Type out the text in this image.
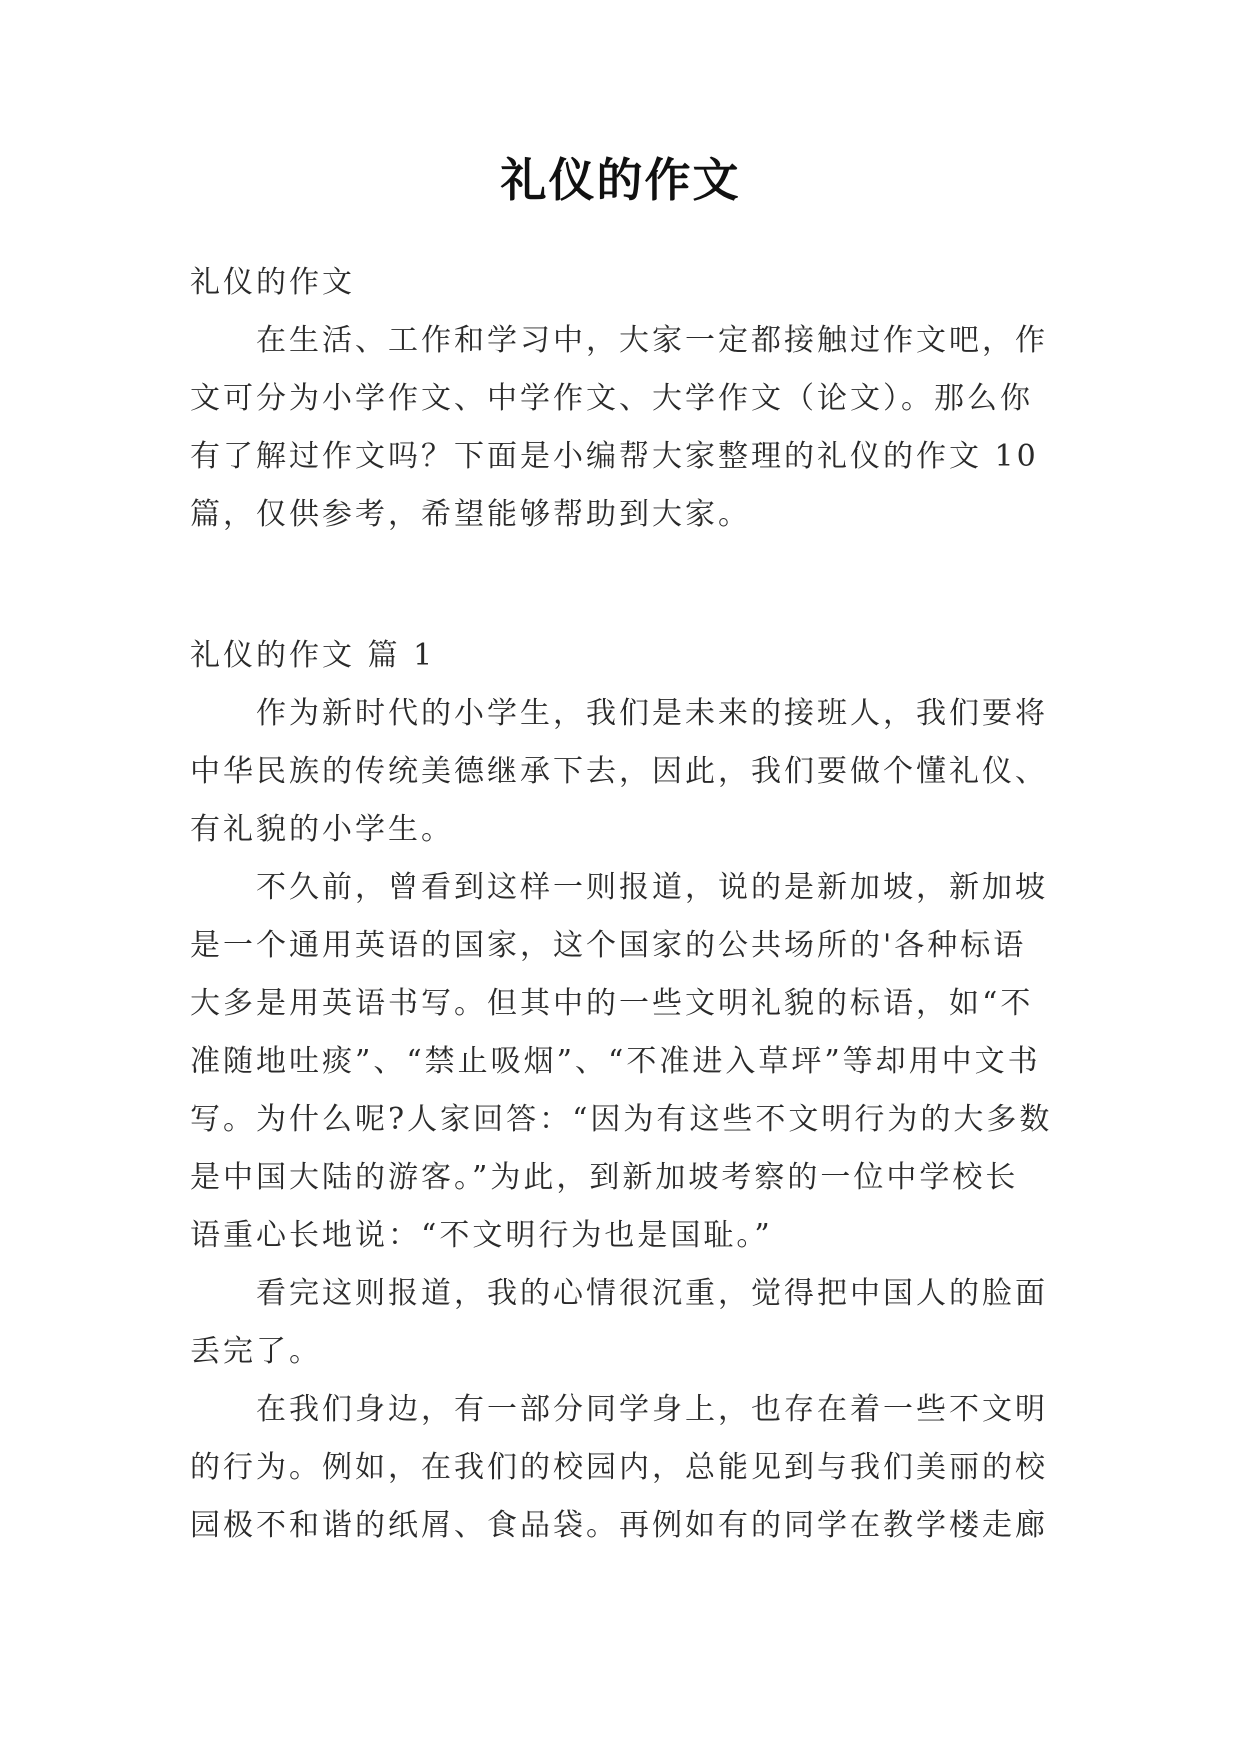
礼仪的作文
礼仪的作文
在生活、工作和学习中，大家一定都接触过作文吧，作
文可分为小学作文、中学作文、大学作文（论文）。那么你
有了解过作文吗？下面是小编帮大家整理的礼仪的作文 10
篇，仅供参考，希望能够帮助到大家。
礼仪的作文 篇 1
作为新时代的小学生，我们是未来的接班人，我们要将
中华民族的传统美德继承下去，因此，我们要做个懂礼仪、
有礼貌的小学生。
不久前，曾看到这样一则报道，说的是新加坡，新加坡
是一个通用英语的国家，这个国家的公共场所的'各种标语
大多是用英语书写。但其中的一些文明礼貌的标语，如“不
准随地吐痰”、“禁止吸烟”、“不准进入草坪”等却用中文书
写。为什么呢?人家回答：“因为有这些不文明行为的大多数
是中国大陆的游客。”为此，到新加坡考察的一位中学校长
语重心长地说：“不文明行为也是国耻。”
看完这则报道，我的心情很沉重，觉得把中国人的脸面
丢完了。
在我们身边，有一部分同学身上，也存在着一些不文明
的行为。例如，在我们的校园内，总能见到与我们美丽的校
园极不和谐的纸屑、食品袋。再例如有的同学在教学楼走廊
